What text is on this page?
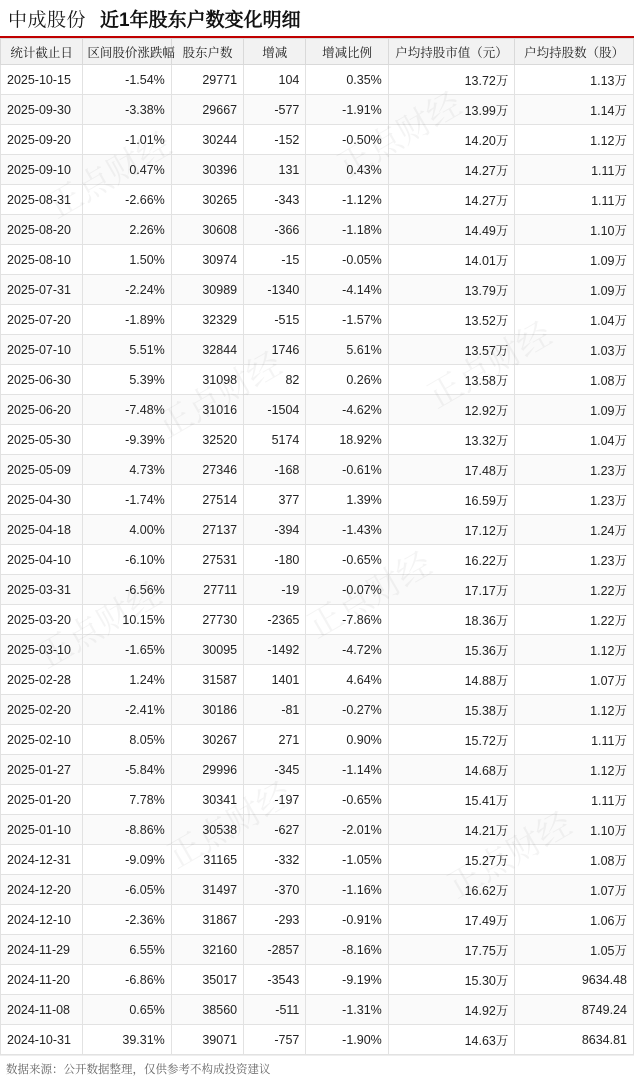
中成股份 近1年股东户数变化明细
统计截止日	区间股价涨跌幅	股东户数	增减	增减比例	户均持股市值（元）	户均持股数（股）
2025-10-15	-1.54%	29771	104	0.35%	13.72万	1.13万
2025-09-30	-3.38%	29667	-577	-1.91%	13.99万	1.14万
2025-09-20	-1.01%	30244	-152	-0.50%	14.20万	1.12万
2025-09-10	0.47%	30396	131	0.43%	14.27万	1.11万
2025-08-31	-2.66%	30265	-343	-1.12%	14.27万	1.11万
2025-08-20	2.26%	30608	-366	-1.18%	14.49万	1.10万
2025-08-10	1.50%	30974	-15	-0.05%	14.01万	1.09万
2025-07-31	-2.24%	30989	-1340	-4.14%	13.79万	1.09万
2025-07-20	-1.89%	32329	-515	-1.57%	13.52万	1.04万
2025-07-10	5.51%	32844	1746	5.61%	13.57万	1.03万
2025-06-30	5.39%	31098	82	0.26%	13.58万	1.08万
2025-06-20	-7.48%	31016	-1504	-4.62%	12.92万	1.09万
2025-05-30	-9.39%	32520	5174	18.92%	13.32万	1.04万
2025-05-09	4.73%	27346	-168	-0.61%	17.48万	1.23万
2025-04-30	-1.74%	27514	377	1.39%	16.59万	1.23万
2025-04-18	4.00%	27137	-394	-1.43%	17.12万	1.24万
2025-04-10	-6.10%	27531	-180	-0.65%	16.22万	1.23万
2025-03-31	-6.56%	27711	-19	-0.07%	17.17万	1.22万
2025-03-20	10.15%	27730	-2365	-7.86%	18.36万	1.22万
2025-03-10	-1.65%	30095	-1492	-4.72%	15.36万	1.12万
2025-02-28	1.24%	31587	1401	4.64%	14.88万	1.07万
2025-02-20	-2.41%	30186	-81	-0.27%	15.38万	1.12万
2025-02-10	8.05%	30267	271	0.90%	15.72万	1.11万
2025-01-27	-5.84%	29996	-345	-1.14%	14.68万	1.12万
2025-01-20	7.78%	30341	-197	-0.65%	15.41万	1.11万
2025-01-10	-8.86%	30538	-627	-2.01%	14.21万	1.10万
2024-12-31	-9.09%	31165	-332	-1.05%	15.27万	1.08万
2024-12-20	-6.05%	31497	-370	-1.16%	16.62万	1.07万
2024-12-10	-2.36%	31867	-293	-0.91%	17.49万	1.06万
2024-11-29	6.55%	32160	-2857	-8.16%	17.75万	1.05万
2024-11-20	-6.86%	35017	-3543	-9.19%	15.30万	9634.48
2024-11-08	0.65%	38560	-511	-1.31%	14.92万	8749.24
2024-10-31	39.31%	39071	-757	-1.90%	14.63万	8634.81
数据来源：公开数据整理，仅供参考不构成投资建议
